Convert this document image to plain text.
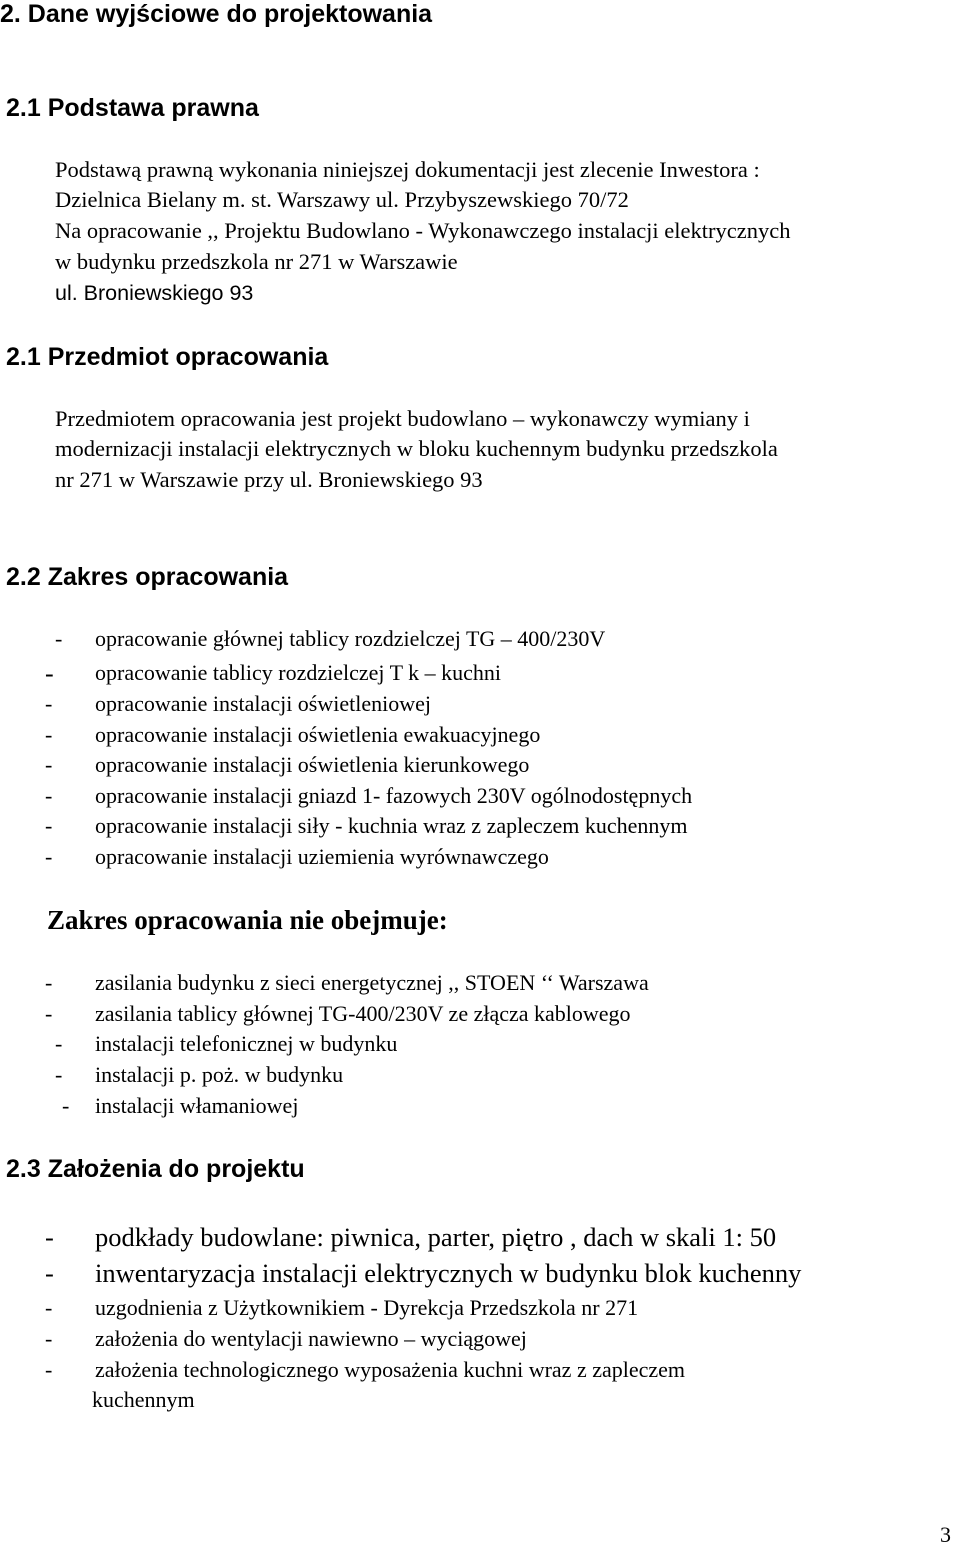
2. Dane wyjściowe do projektowania
2.1 Podstawa prawna
Podstawą prawną wykonania niniejszej dokumentacji jest zlecenie Inwestora :
Dzielnica Bielany m. st. Warszawy ul. Przybyszewskiego 70/72
Na opracowanie ,, Projektu Budowlano - Wykonawczego instalacji elektrycznych
w budynku przedszkola nr 271 w Warszawie
ul. Broniewskiego 93
2.1 Przedmiot opracowania
Przedmiotem opracowania jest projekt budowlano – wykonawczy wymiany i
modernizacji instalacji elektrycznych w bloku kuchennym budynku przedszkola
nr 271 w Warszawie przy ul. Broniewskiego 93
2.2 Zakres opracowania
- opracowanie głównej tablicy rozdzielczej TG – 400/230V
- opracowanie tablicy rozdzielczej T k – kuchni
- opracowanie instalacji oświetleniowej
- opracowanie instalacji oświetlenia ewakuacyjnego
- opracowanie instalacji oświetlenia kierunkowego
- opracowanie instalacji gniazd 1- fazowych 230V ogólnodostępnych
- opracowanie instalacji siły - kuchnia wraz z zapleczem kuchennym
- opracowanie instalacji uziemienia wyrównawczego
Zakres opracowania nie obejmuje:
- zasilania budynku z sieci energetycznej ,, STOEN ‘‘ Warszawa
- zasilania tablicy głównej TG-400/230V ze złącza kablowego
- instalacji telefonicznej w budynku
- instalacji p. poż. w budynku
- instalacji włamaniowej
2.3 Założenia do projektu
- podkłady budowlane: piwnica, parter, piętro , dach w skali 1: 50
- inwentaryzacja instalacji elektrycznych w budynku blok kuchenny
- uzgodnienia z Użytkownikiem - Dyrekcja Przedszkola nr 271
- założenia do wentylacji nawiewno – wyciągowej
- założenia technologicznego wyposażenia kuchni wraz z zapleczem
kuchennym
3
